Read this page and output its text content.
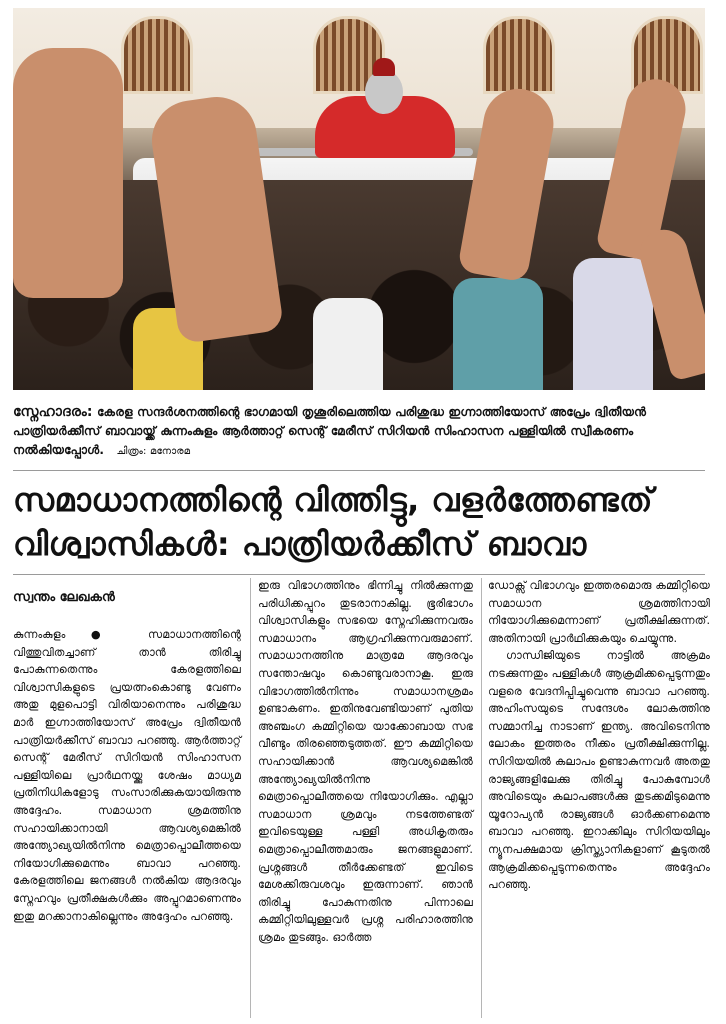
സ്നേഹാദരം: കേരള സന്ദർശനത്തിന്റെ ഭാഗമായി തൃശൂരിലെത്തിയ പരിശുദ്ധ ഇഗ്നാത്തിയോസ് അപ്രേം ദ്വിതീയൻ പാത്രിയർക്കീസ് ബാവായ്ക്ക് കുന്നംകുളം ആർത്താറ്റ് സെന്റ് മേരീസ് സിറിയൻ സിംഹാസന പള്ളിയിൽ സ്വീകരണം നൽകിയപ്പോൾ. ചിത്രം: മനോരമ
സമാധാനത്തിന്റെ വിത്തിട്ടു, വളർത്തേണ്ടത്
വിശ്വാസികൾ: പാത്രിയർക്കീസ് ബാവാ
സ്വന്തം ലേഖകൻ

കുന്നംകുളം ● സമാധാനത്തിന്റെ വിത്തുവിതച്ചാണ് താൻ തിരിച്ചു പോകുന്നതെന്നും കേരളത്തിലെ വിശ്വാസികളുടെ പ്രയത്നംകൊണ്ടു വേണം അതു മുളപൊട്ടി വിരിയാനെന്നും പരിശുദ്ധ മാർ ഇഗ്നാത്തിയോസ് അപ്രേം ദ്വിതീയൻ പാത്രിയർക്കീസ് ബാവാ പറഞ്ഞു. ആർത്താറ്റ് സെന്റ് മേരീസ് സിറിയൻ സിംഹാസന പള്ളിയിലെ പ്രാർഥനയ്ക്കു ശേഷം മാധ്യമ പ്രതിനിധികളോടു സംസാരിക്കുകയായിരുന്നു അദ്ദേഹം. സമാധാന ശ്രമത്തിനു സഹായിക്കാനായി ആവശ്യമെങ്കിൽ അന്ത്യോഖ്യയിൽനിന്നു മെത്രാപ്പൊലീത്തയെ നിയോഗിക്കുമെന്നും ബാവാ പറഞ്ഞു. കേരളത്തിലെ ജനങ്ങൾ നൽകിയ ആദരവും സ്നേഹവും പ്രതീക്ഷകൾക്കും അപ്പുറമാണെന്നും ഇതു മറക്കാനാകില്ലെന്നും അദ്ദേഹം പറഞ്ഞു.

ഇരു വിഭാഗത്തിനും ഭിന്നിച്ചു നിൽക്കുന്നതു പരിധിക്കപ്പുറം തുടരാനാകില്ല. ഭൂരിഭാഗം വിശ്വാസികളും സഭയെ സ്നേഹിക്കുന്നവരും സമാധാനം ആഗ്രഹിക്കുന്നവരുമാണ്. സമാധാനത്തിനു മാത്രമേ ആദരവും സന്തോഷവും കൊണ്ടുവരാനാകൂ. ഇരു വിഭാഗത്തിൽനിന്നും സമാധാനശ്രമം ഉണ്ടാകണം. ഇതിനുവേണ്ടിയാണ് പുതിയ അഞ്ചംഗ കമ്മിറ്റിയെ യാക്കോബായ സഭ വീണ്ടും തിരഞ്ഞെടുത്തത്. ഈ കമ്മിറ്റിയെ സഹായിക്കാൻ ആവശ്യമെങ്കിൽ അന്ത്യോഖ്യയിൽനിന്നു മെത്രാപ്പൊലീത്തയെ നിയോഗിക്കും. എല്ലാ സമാധാന ശ്രമവും നടത്തേണ്ടത് ഇവിടെയുള്ള പള്ളി അധികൃതരും മെത്രാപ്പൊലീത്തമാരും ജനങ്ങളുമാണ്. പ്രശ്നങ്ങൾ തീർക്കേണ്ടത് ഇവിടെ മേശക്കിരുവശവും ഇരുന്നാണ്. ഞാൻ തിരിച്ചു പോകുന്നതിനു പിന്നാലെ കമ്മിറ്റിയിലുള്ളവർ പ്രശ്ന പരിഹാരത്തിനു ശ്രമം തുടങ്ങും. ഓർത്ത

ഡോക്സ് വിഭാഗവും ഇത്തരമൊരു കമ്മിറ്റിയെ സമാധാന ശ്രമത്തിനായി നിയോഗിക്കുമെന്നാണ് പ്രതീക്ഷിക്കുന്നത്. അതിനായി പ്രാർഥിക്കുകയും ചെയ്യുന്നു.

ഗാന്ധിജിയുടെ നാട്ടിൽ അക്രമം നടക്കുന്നതും പള്ളികൾ ആക്രമിക്കപ്പെടുന്നതും വളരെ വേദനിപ്പിച്ചുവെന്നു ബാവാ പറഞ്ഞു. അഹിംസയുടെ സന്ദേശം ലോകത്തിനു സമ്മാനിച്ച നാടാണ് ഇന്ത്യ. അവിടെനിന്നു ലോകം ഇത്തരം നീക്കം പ്രതീക്ഷിക്കുന്നില്ല. സിറിയയിൽ കലാപം ഉണ്ടാകുന്നവർ അതതു രാജ്യങ്ങളിലേക്കു തിരിച്ചു പോകുമ്പോൾ അവിടെയും കലാപങ്ങൾക്കു തുടക്കമിടുമെന്നു യൂറോപ്യൻ രാജ്യങ്ങൾ ഓർക്കണമെന്നു ബാവാ പറഞ്ഞു. ഇറാക്കിലും സിറിയയിലും ന്യൂനപക്ഷമായ ക്രിസ്ത്യാനികളാണ് കൂടുതൽ ആക്രമിക്കപ്പെടുന്നതെന്നും അദ്ദേഹം പറഞ്ഞു.
